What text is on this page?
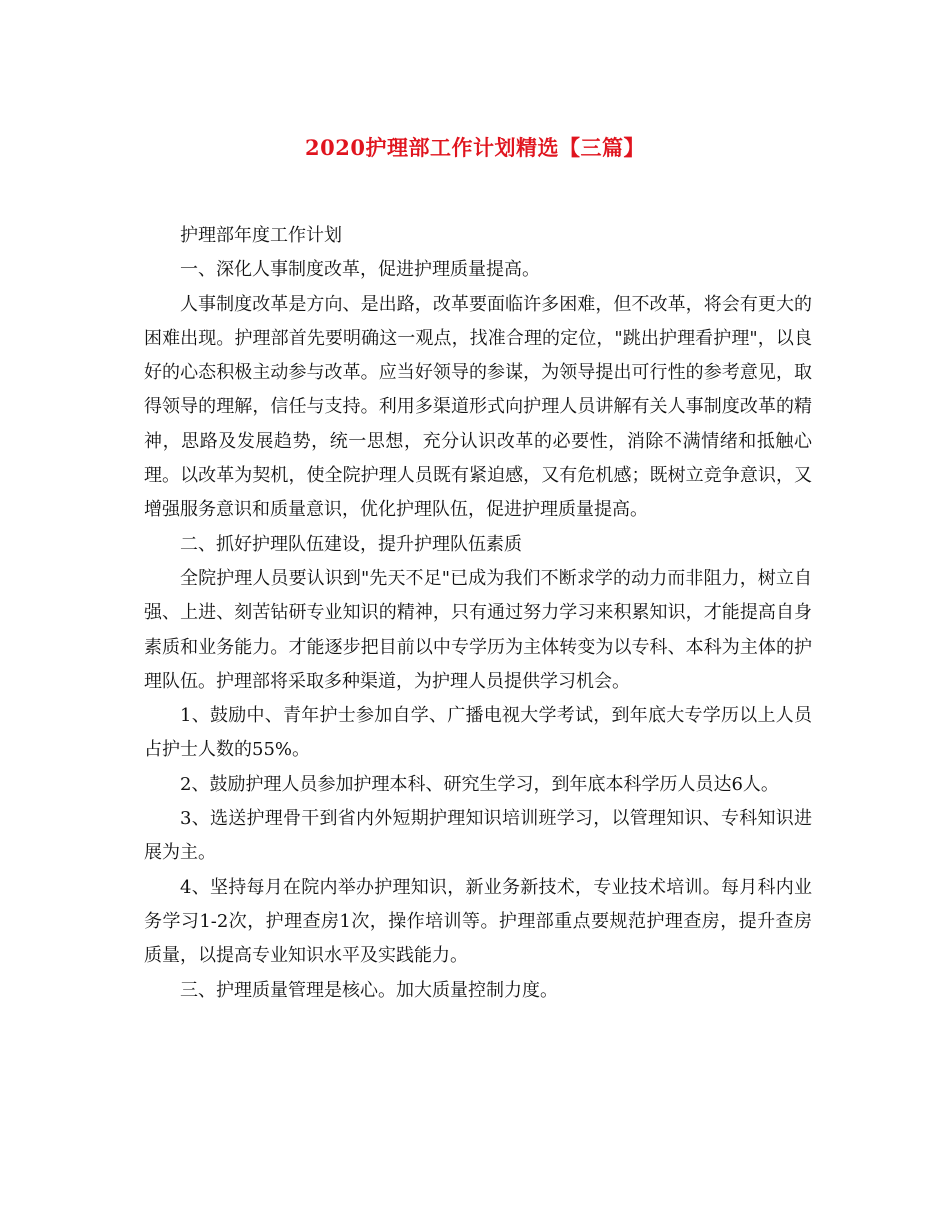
2020护理部工作计划精选【三篇】

护理部年度工作计划

一、深化人事制度改革，促进护理质量提高。

人事制度改革是方向、是出路，改革要面临许多困难，但不改革，将会有更大的困难出现。护理部首先要明确这一观点，找准合理的定位，"跳出护理看护理"，以良好的心态积极主动参与改革。应当好领导的参谋，为领导提出可行性的参考意见，取得领导的理解，信任与支持。利用多渠道形式向护理人员讲解有关人事制度改革的精神，思路及发展趋势，统一思想，充分认识改革的必要性，消除不满情绪和抵触心理。以改革为契机，使全院护理人员既有紧迫感，又有危机感；既树立竞争意识，又增强服务意识和质量意识，优化护理队伍，促进护理质量提高。

二、抓好护理队伍建设，提升护理队伍素质

全院护理人员要认识到"先天不足"已成为我们不断求学的动力而非阻力，树立自强、上进、刻苦钻研专业知识的精神，只有通过努力学习来积累知识，才能提高自身素质和业务能力。才能逐步把目前以中专学历为主体转变为以专科、本科为主体的护理队伍。护理部将采取多种渠道，为护理人员提供学习机会。

1、鼓励中、青年护士参加自学、广播电视大学考试，到年底大专学历以上人员占护士人数的55%。

2、鼓励护理人员参加护理本科、研究生学习，到年底本科学历人员达6人。

3、选送护理骨干到省内外短期护理知识培训班学习，以管理知识、专科知识进展为主。

4、坚持每月在院内举办护理知识，新业务新技术，专业技术培训。每月科内业务学习1-2次，护理查房1次，操作培训等。护理部重点要规范护理查房，提升查房质量，以提高专业知识水平及实践能力。

三、护理质量管理是核心。加大质量控制力度。
